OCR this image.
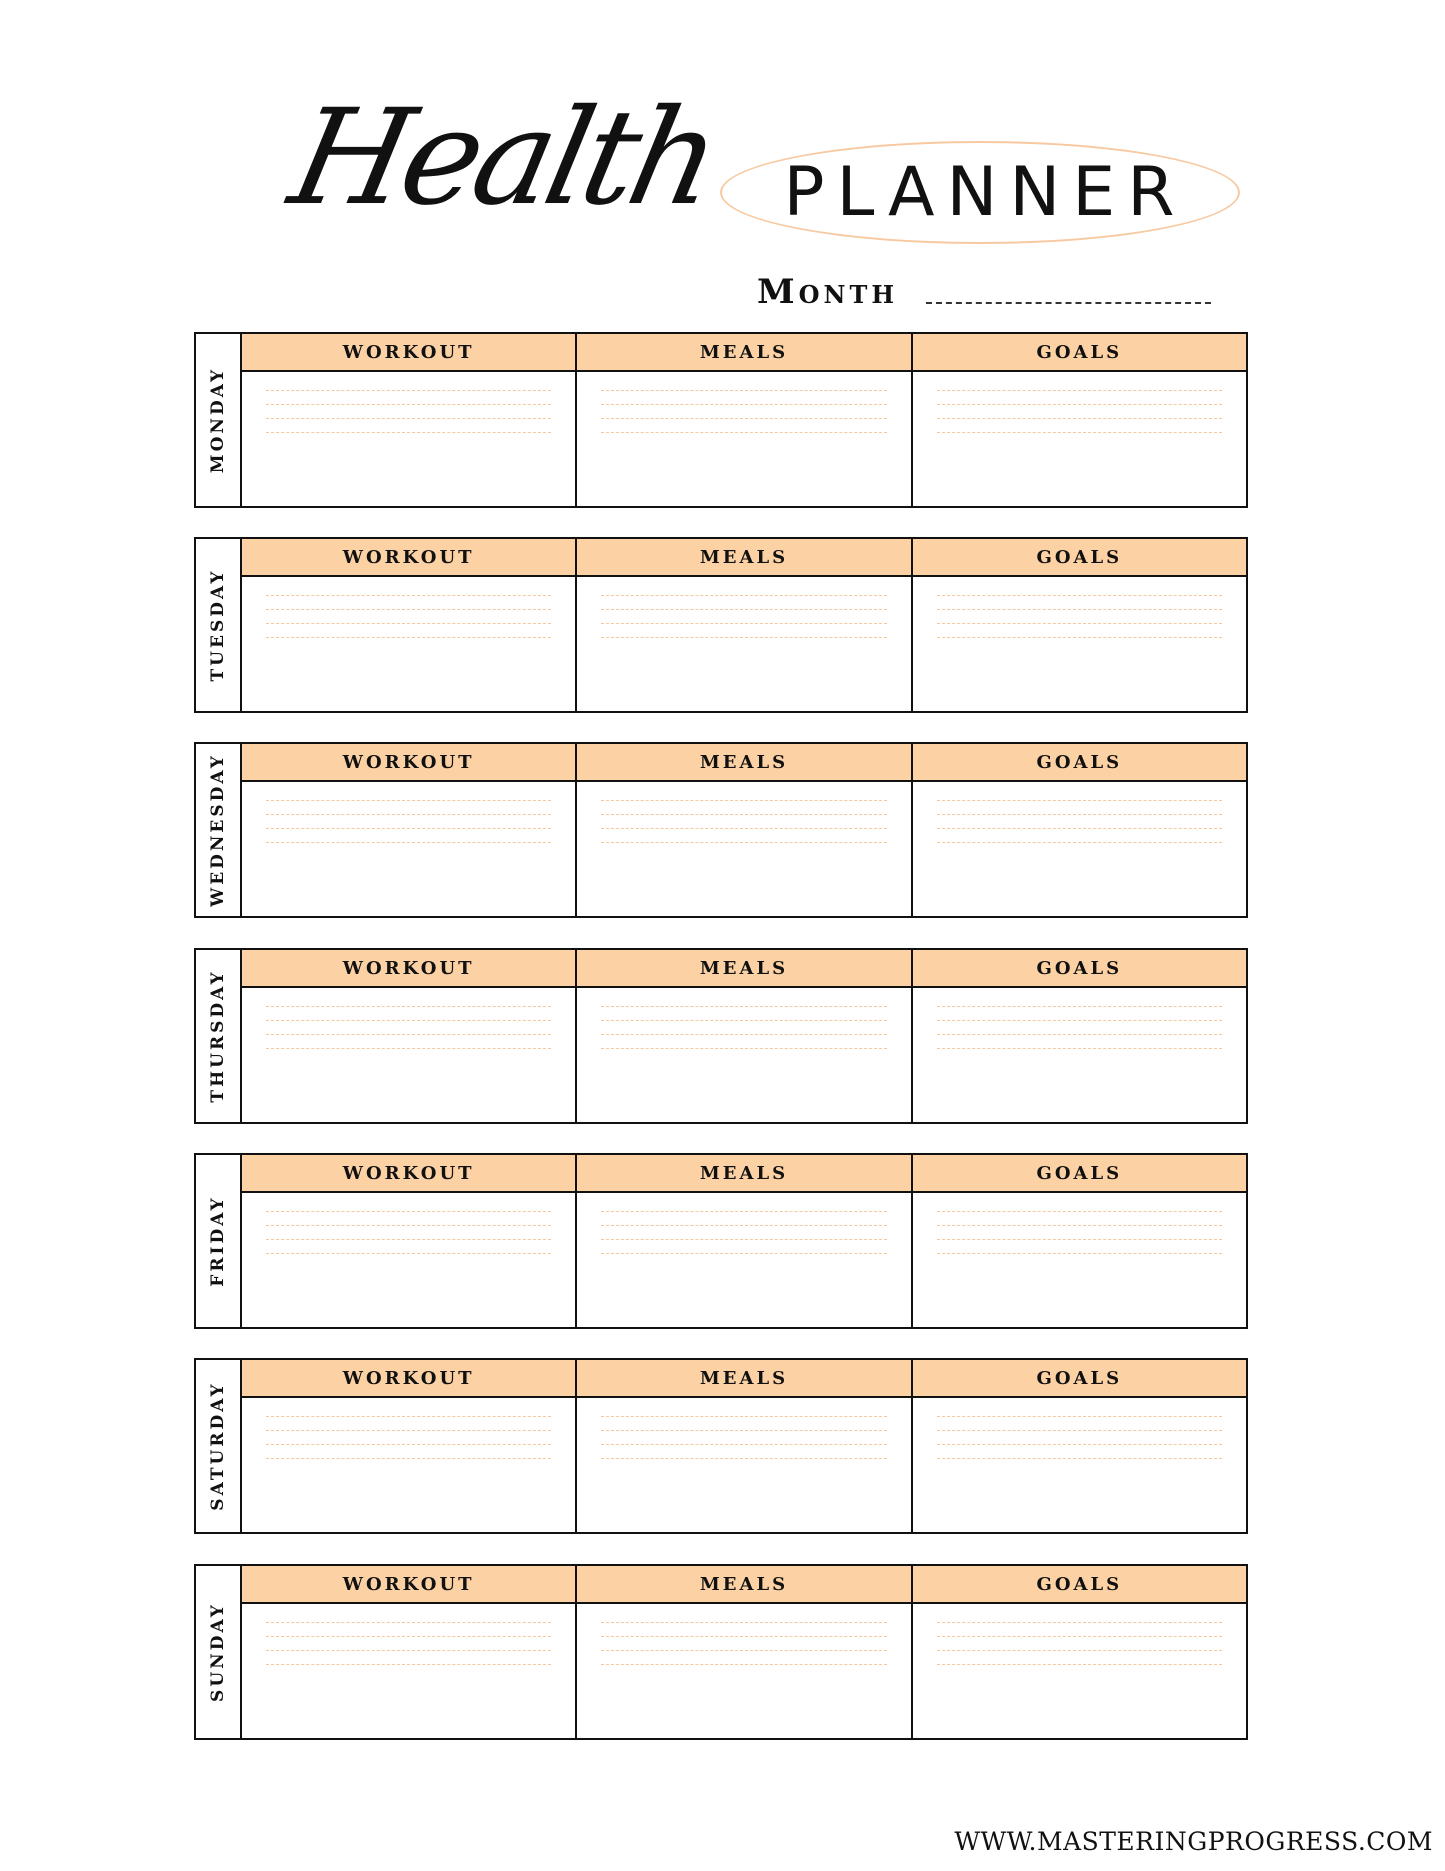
Health PLANNER
Month
MONDAY
WORKOUT	MEALS	GOALS
TUESDAY
WORKOUT	MEALS	GOALS
WEDNESDAY	WORKOUT	MEALS	GOALS
THURSDAY
WORKOUT	MEALS	GOALS
FRIDAY
WORKOUT	MEALS	GOALS
SATURDAY
WORKOUT	MEALS	GOALS
SUNDAY
WORKOUT	MEALS	GOALS
WWW.MASTERINGPROGRESS.COM
